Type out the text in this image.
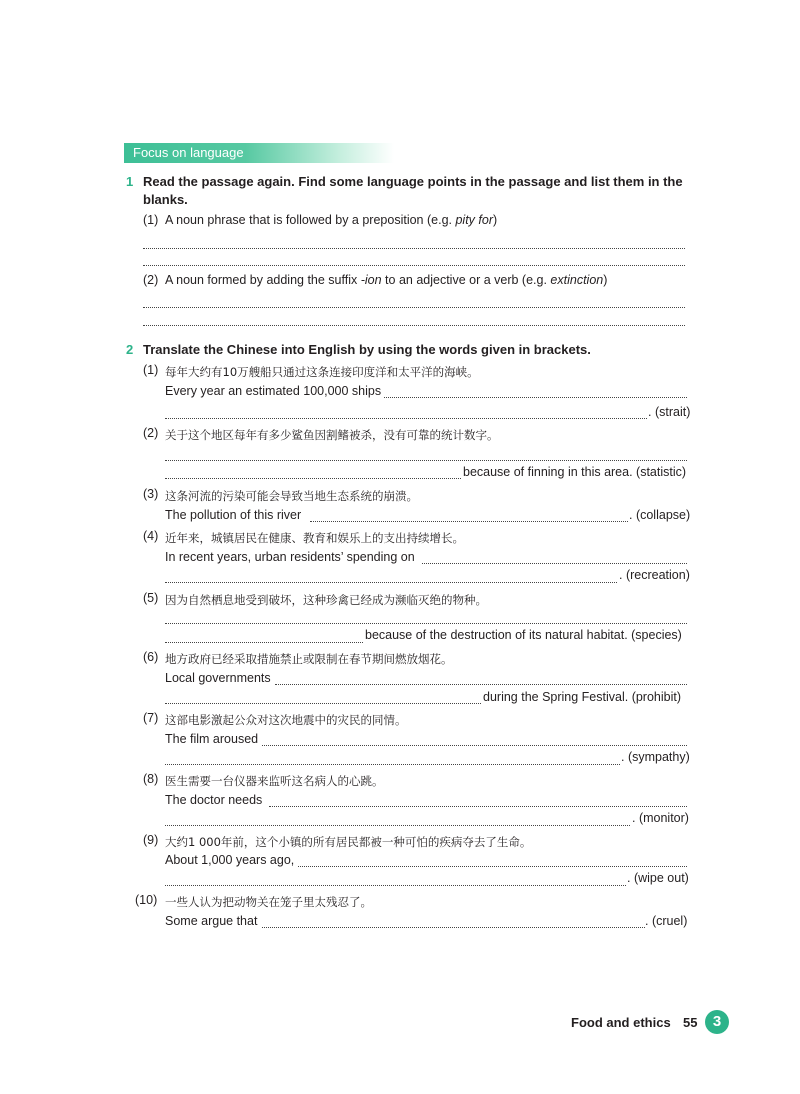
Focus on language
1 Read the passage again. Find some language points in the passage and list them in the
blanks.
(1) A noun phrase that is followed by a preposition (e.g. pity for)
(2) A noun formed by adding the suffix -ion to an adjective or a verb (e.g. extinction)
2 Translate the Chinese into English by using the words given in brackets.
(1) 每年大约有10万艘船只通过这条连接印度洋和太平洋的海峡。
Every year an estimated 100,000 ships
. (strait)
(2) 关于这个地区每年有多少鲨鱼因割鳍被杀，没有可靠的统计数字。
because of finning in this area. (statistic)
(3) 这条河流的污染可能会导致当地生态系统的崩溃。
The pollution of this river	. (collapse)
(4) 近年来，城镇居民在健康、教育和娱乐上的支出持续增长。
In recent years, urban residents’ spending on
. (recreation)
(5) 因为自然栖息地受到破坏，这种珍禽已经成为濒临灭绝的物种。
because of the destruction of its natural habitat. (species)
(6) 地方政府已经采取措施禁止或限制在春节期间燃放烟花。
Local governments
during the Spring Festival. (prohibit)
(7) 这部电影激起公众对这次地震中的灾民的同情。
The film aroused
. (sympathy)
(8) 医生需要一台仪器来监听这名病人的心跳。
The doctor needs
. (monitor)
(9) 大约1 000年前，这个小镇的所有居民都被一种可怕的疾病夺去了生命。
About 1,000 years ago,
. (wipe out)
(10) 一些人认为把动物关在笼子里太残忍了。
Some argue that	. (cruel)
Food and ethics 55	3
